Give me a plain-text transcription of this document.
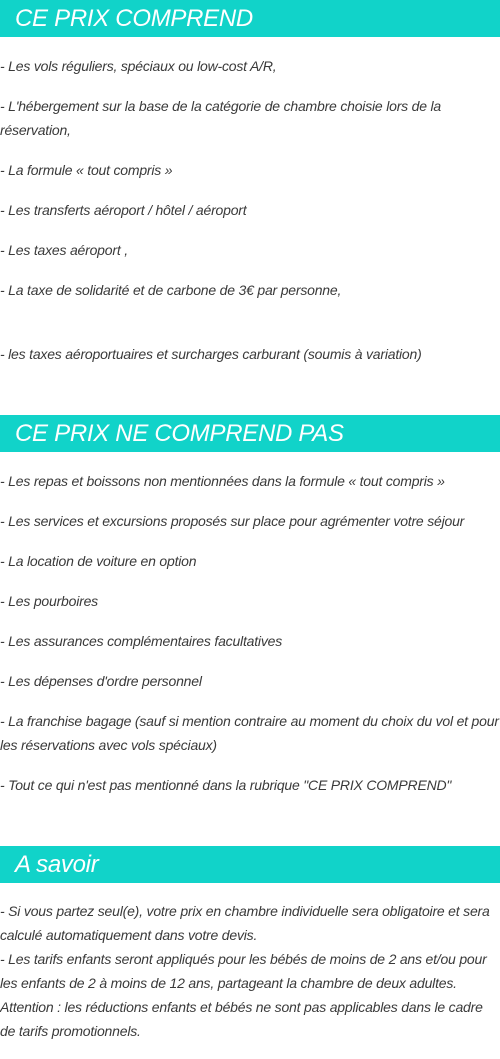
CE PRIX COMPREND
- Les vols réguliers, spéciaux ou low-cost A/R,
- L'hébergement sur la base de la catégorie de chambre choisie lors de la réservation,
- La formule « tout compris »
- Les transferts aéroport / hôtel / aéroport
- Les taxes aéroport ,
- La taxe de solidarité et de carbone de 3€ par personne,
- les taxes aéroportuaires et surcharges carburant (soumis à variation)
CE PRIX NE COMPREND PAS
- Les repas et boissons non mentionnées dans la formule « tout compris »
- Les services et excursions proposés sur place pour agrémenter votre séjour
- La location de voiture en option
- Les pourboires
- Les assurances complémentaires facultatives
- Les dépenses d'ordre personnel
- La franchise bagage (sauf si mention contraire au moment du choix du vol et pour les réservations avec vols spéciaux)
- Tout ce qui n'est pas mentionné dans la rubrique "CE PRIX COMPREND"
A savoir
- Si vous partez seul(e), votre prix en chambre individuelle sera obligatoire et sera calculé automatiquement dans votre devis.
- Les tarifs enfants seront appliqués pour les bébés de moins de 2 ans et/ou pour les enfants de 2 à moins de 12 ans, partageant la chambre de deux adultes.
Attention : les réductions enfants et bébés ne sont pas applicables dans le cadre de tarifs promotionnels.
